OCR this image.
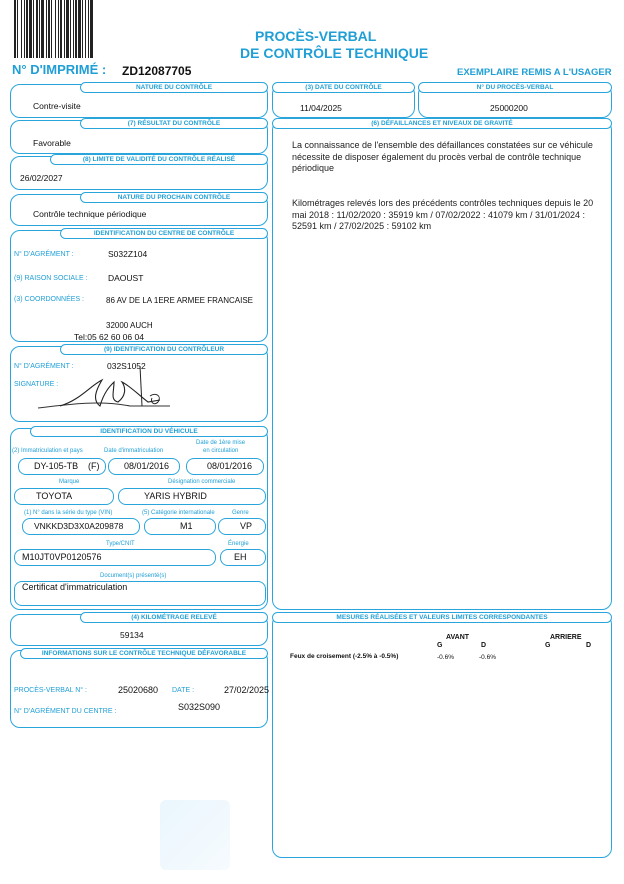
PROCÈS-VERBAL
DE CONTRÔLE TECHNIQUE
N° D'IMPRIMÉ : ZD12087705	EXEMPLAIRE REMIS A L'USAGER
NATURE DU CONTRÔLE
Contre-visite
(3) DATE DU CONTRÔLE
11/04/2025
N° DU PROCÈS-VERBAL
25000200
(7) RÉSULTAT DU CONTRÔLE
Favorable
(8) LIMITE DE VALIDITÉ DU CONTRÔLE RÉALISÉ
26/02/2027
NATURE DU PROCHAIN CONTRÔLE
Contrôle technique périodique
IDENTIFICATION DU CENTRE DE CONTRÔLE
N° D'AGRÉMENT :	S032Z104
(9) RAISON SOCIALE : DAOUST
(3) COORDONNÉES :	86 AV DE LA 1ERE ARMEE FRANCAISE
32000 AUCH
Tel:05 62 60 06 04
(9) IDENTIFICATION DU CONTRÔLEUR
N° D'AGRÉMENT :	032S1052
SIGNATURE :
IDENTIFICATION DU VÉHICULE
(2) Immatriculation et pays	Date d'immatriculation
Date de 1ère mise
en circulation
DY-105-TB (F)	08/01/2016	08/01/2016
Marque	Désignation commerciale
TOYOTA	YARIS HYBRID
(1) N° dans la série du type (VIN)	(5) Catégorie internationale	Genre
VNKKD3D3X0A209878	M1	VP
Type/CNIT	Énergie
M10JT0VP0120576	EH
Document(s) présenté(s)
Certificat d'immatriculation
(4) KILOMÉTRAGE RELEVÉ
59134
INFORMATIONS SUR LE CONTRÔLE TECHNIQUE DÉFAVORABLE
PROCÈS-VERBAL N° :	25020680 DATE :	27/02/2025
N° D'AGRÉMENT DU CENTRE :	S032S090
(6) DÉFAILLANCES ET NIVEAUX DE GRAVITÉ
La connaissance de l'ensemble des défaillances constatées sur ce véhicule nécessite de disposer également du procès verbal de contrôle technique périodique
Kilométrages relevés lors des précédents contrôles techniques depuis le 20 mai 2018 : 11/02/2020 : 35919 km / 07/02/2022 : 41079 km / 31/01/2024 : 52591 km / 27/02/2025 : 59102 km
MESURES RÉALISÉES ET VALEURS LIMITES CORRESPONDANTES
AVANT	ARRIERE
G	D	G	D
Feux de croisement (-2.5% à -0.5%)	-0.6%	-0.6%
